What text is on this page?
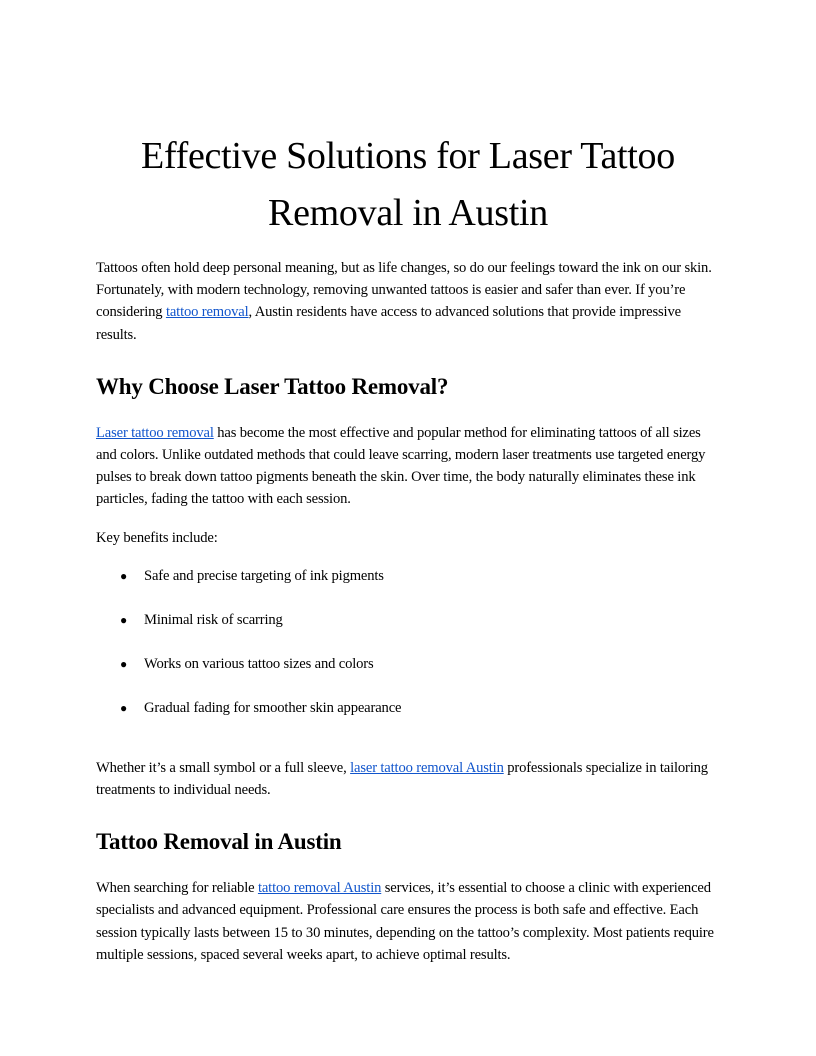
Effective Solutions for Laser Tattoo Removal in Austin

Tattoos often hold deep personal meaning, but as life changes, so do our feelings toward the ink on our skin. Fortunately, with modern technology, removing unwanted tattoos is easier and safer than ever. If you’re considering tattoo removal, Austin residents have access to advanced solutions that provide impressive results.

Why Choose Laser Tattoo Removal?

Laser tattoo removal has become the most effective and popular method for eliminating tattoos of all sizes and colors. Unlike outdated methods that could leave scarring, modern laser treatments use targeted energy pulses to break down tattoo pigments beneath the skin. Over time, the body naturally eliminates these ink particles, fading the tattoo with each session.

Key benefits include:

● Safe and precise targeting of ink pigments
● Minimal risk of scarring
● Works on various tattoo sizes and colors
● Gradual fading for smoother skin appearance

Whether it’s a small symbol or a full sleeve, laser tattoo removal Austin professionals specialize in tailoring treatments to individual needs.

Tattoo Removal in Austin

When searching for reliable tattoo removal Austin services, it’s essential to choose a clinic with experienced specialists and advanced equipment. Professional care ensures the process is both safe and effective. Each session typically lasts between 15 to 30 minutes, depending on the tattoo’s complexity. Most patients require multiple sessions, spaced several weeks apart, to achieve optimal results.
